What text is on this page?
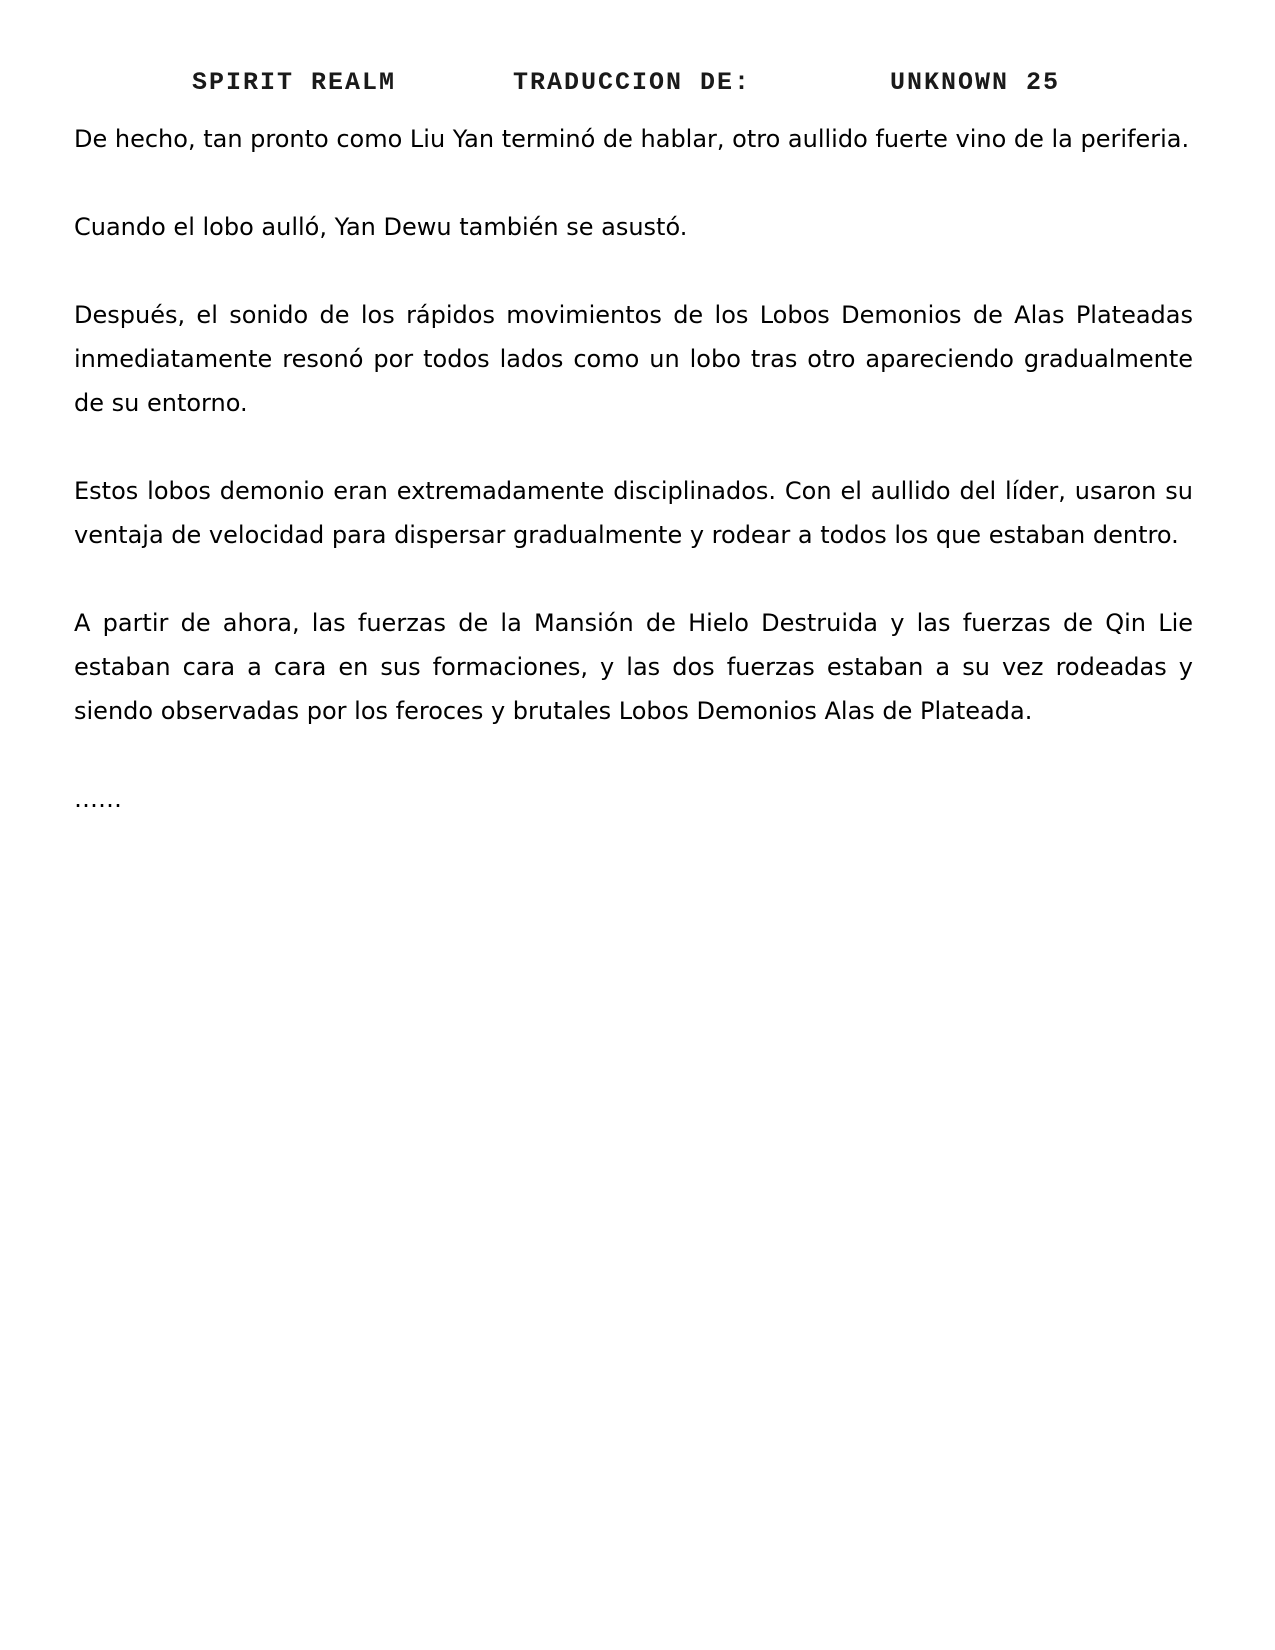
SPIRIT REALM	TRADUCCION DE:	UNKNOWN 25

De hecho, tan pronto como Liu Yan terminó de hablar, otro aullido fuerte vino de la periferia.

Cuando el lobo aulló, Yan Dewu también se asustó.

Después, el sonido de los rápidos movimientos de los Lobos Demonios de Alas Plateadas inmediatamente resonó por todos lados como un lobo tras otro apareciendo gradualmente de su entorno.

Estos lobos demonio eran extremadamente disciplinados. Con el aullido del líder, usaron su ventaja de velocidad para dispersar gradualmente y rodear a todos los que estaban dentro.

A partir de ahora, las fuerzas de la Mansión de Hielo Destruida y las fuerzas de Qin Lie estaban cara a cara en sus formaciones, y las dos fuerzas estaban a su vez rodeadas y siendo observadas por los feroces y brutales Lobos Demonios Alas de Plateada.

……
